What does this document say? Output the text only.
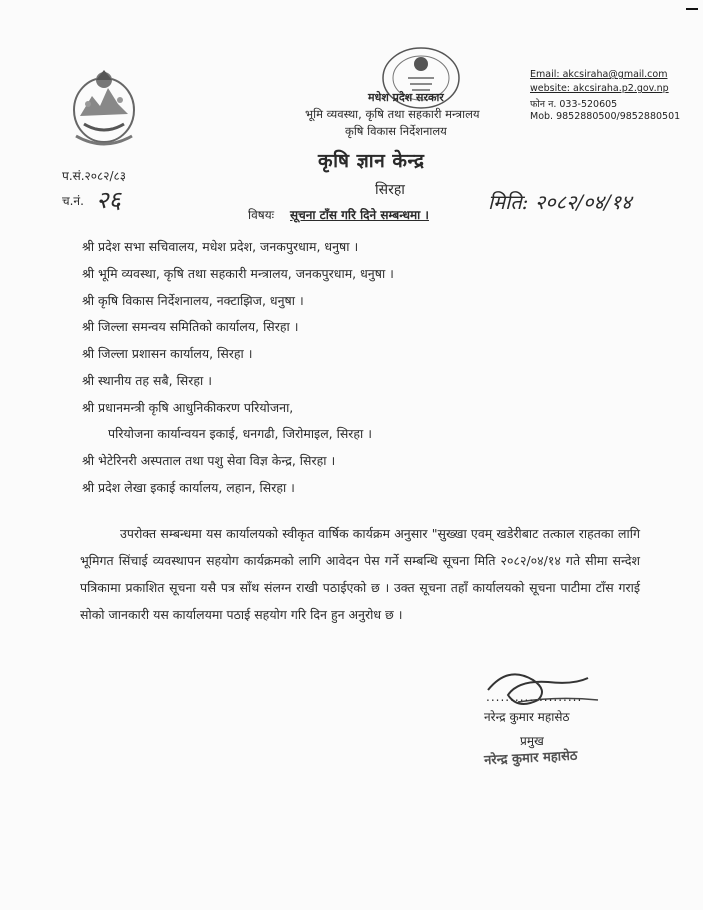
मधेश प्रदेश सरकार
भूमि व्यवस्था, कृषि तथा सहकारी मन्त्रालय
कृषि विकास निर्देशनालय
कृषि ज्ञान केन्द्र
सिरहा
Email: akcsiraha@gmail.com
website: akcsiraha.p2.gov.np
फोन न. 033-520605
Mob. 9852880500/9852880501
प.सं.२०८२/८३
च.नं. २६
विषयः सूचना टाँस गरि दिने सम्बन्धमा ।
मिति: २०८२/०४/१४
श्री प्रदेश सभा सचिवालय, मधेश प्रदेश, जनकपुरधाम, धनुषा ।
श्री भूमि व्यवस्था, कृषि तथा सहकारी मन्त्रालय, जनकपुरधाम, धनुषा ।
श्री कृषि विकास निर्देशनालय, नक्टाझिज, धनुषा ।
श्री जिल्ला समन्वय समितिको कार्यालय, सिरहा ।
श्री जिल्ला प्रशासन कार्यालय, सिरहा ।
श्री स्थानीय तह सबै, सिरहा ।
श्री प्रधानमन्त्री कृषि आधुनिकीकरण परियोजना,
परियोजना कार्यान्वयन इकाई, धनगढी, जिरोमाइल, सिरहा ।
श्री भेटेरिनरी अस्पताल तथा पशु सेवा विज्ञ केन्द्र, सिरहा ।
श्री प्रदेश लेखा इकाई कार्यालय, लहान, सिरहा ।
उपरोक्त सम्बन्धमा यस कार्यालयको स्वीकृत वार्षिक कार्यक्रम अनुसार "सुख्खा एवम् खडेरीबाट तत्काल राहतका लागि भूमिगत सिंचाई व्यवस्थापन सहयोग कार्यक्रमको लागि आवेदन पेस गर्ने सम्बन्धि सूचना मिति २०८२/०४/१४ गते सीमा सन्देश पत्रिकामा प्रकाशित सूचना यसै पत्र साँथ संलग्न राखी पठाईएको छ । उक्त सूचना तहाँ कार्यालयको सूचना पाटीमा टाँस गराई सोको जानकारी यस कार्यालयमा पठाई सहयोग गरि दिन हुन अनुरोध छ ।
....................
नरेन्द्र कुमार महासेठ
प्रमुख
नरेन्द्र कुमार महासेठ
